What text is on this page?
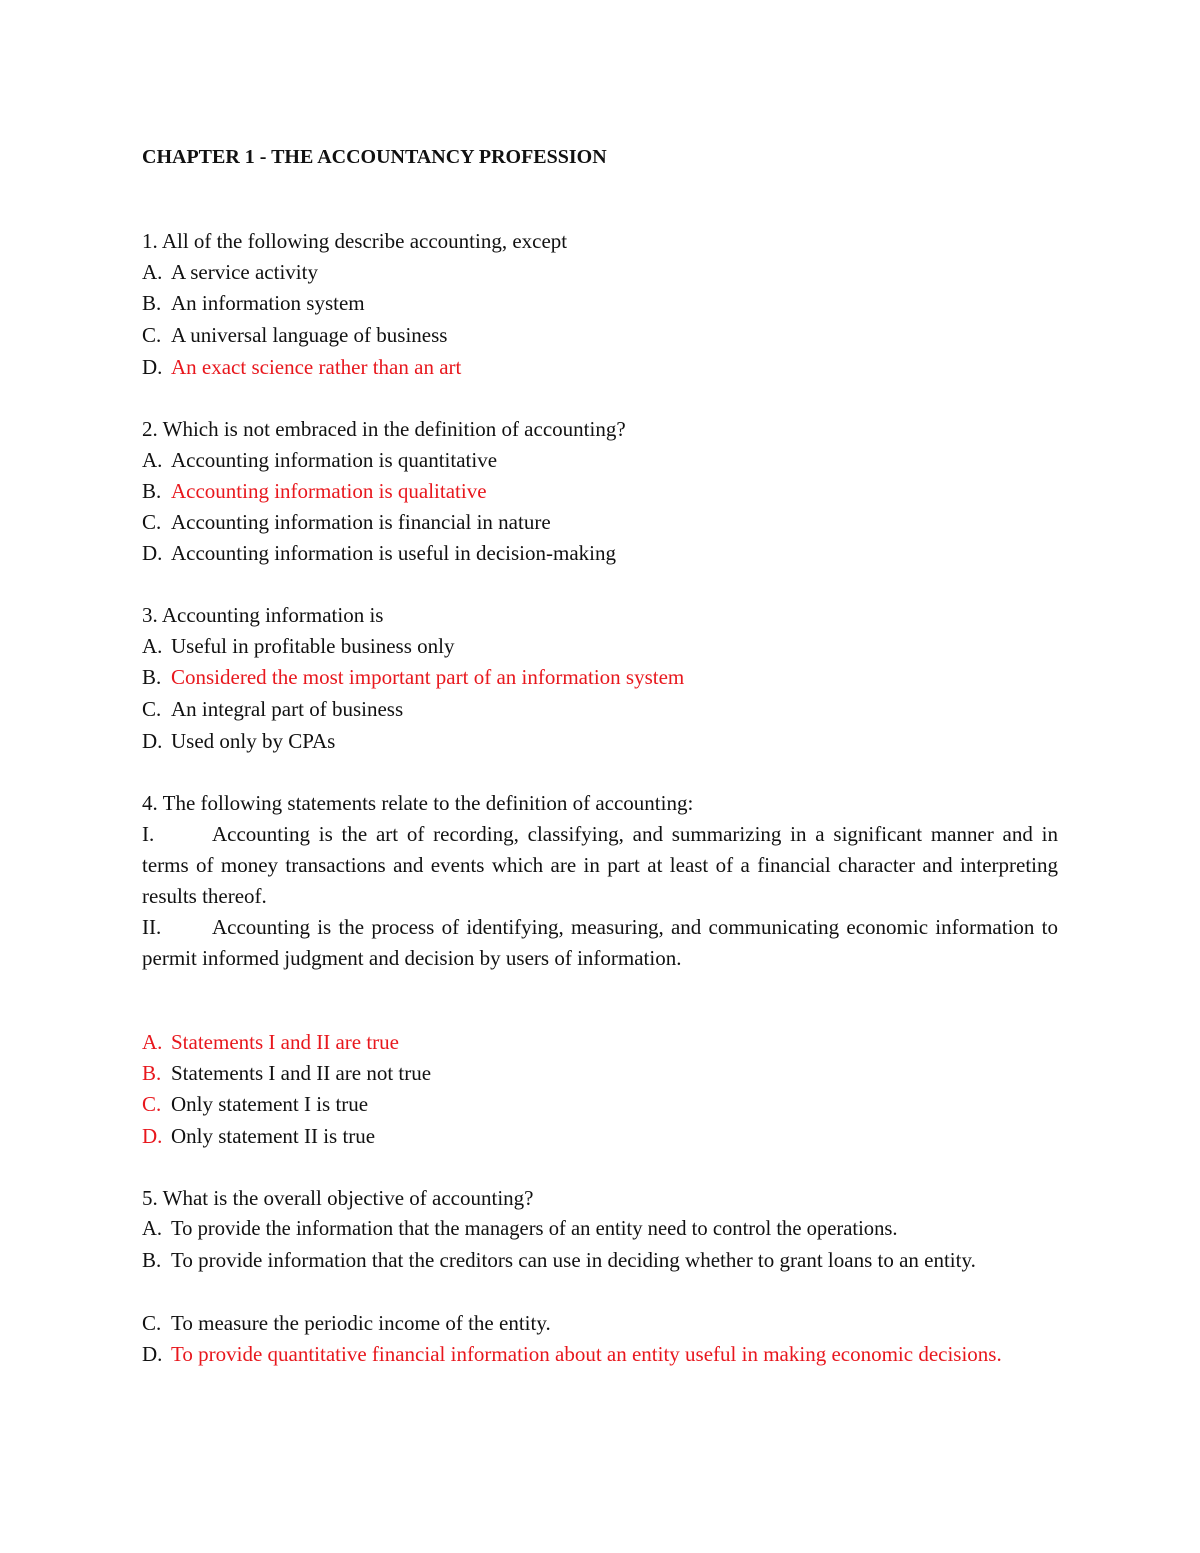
CHAPTER 1 - THE ACCOUNTANCY PROFESSION
1. All of the following describe accounting, except
A. A service activity
B. An information system
C. A universal language of business
D. An exact science rather than an art
2. Which is not embraced in the definition of accounting?
A. Accounting information is quantitative
B. Accounting information is qualitative
C. Accounting information is financial in nature
D. Accounting information is useful in decision-making
3. Accounting information is
A. Useful in profitable business only
B. Considered the most important part of an information system
C. An integral part of business
D. Used only by CPAs
4. The following statements relate to the definition of accounting:
I.	Accounting is the art of recording, classifying, and summarizing in a significant manner and in terms of money transactions and events which are in part at least of a financial character and interpreting results thereof.
II. Accounting is the process of identifying, measuring, and communicating economic information to permit informed judgment and decision by users of information.
A. Statements I and II are true
B. Statements I and II are not true
C. Only statement I is true
D. Only statement II is true
5. What is the overall objective of accounting?
A. To provide the information that the managers of an entity need to control the operations.
B. To provide information that the creditors can use in deciding whether to grant loans to an entity.
C. To measure the periodic income of the entity.
D. To provide quantitative financial information about an entity useful in making economic decisions.
